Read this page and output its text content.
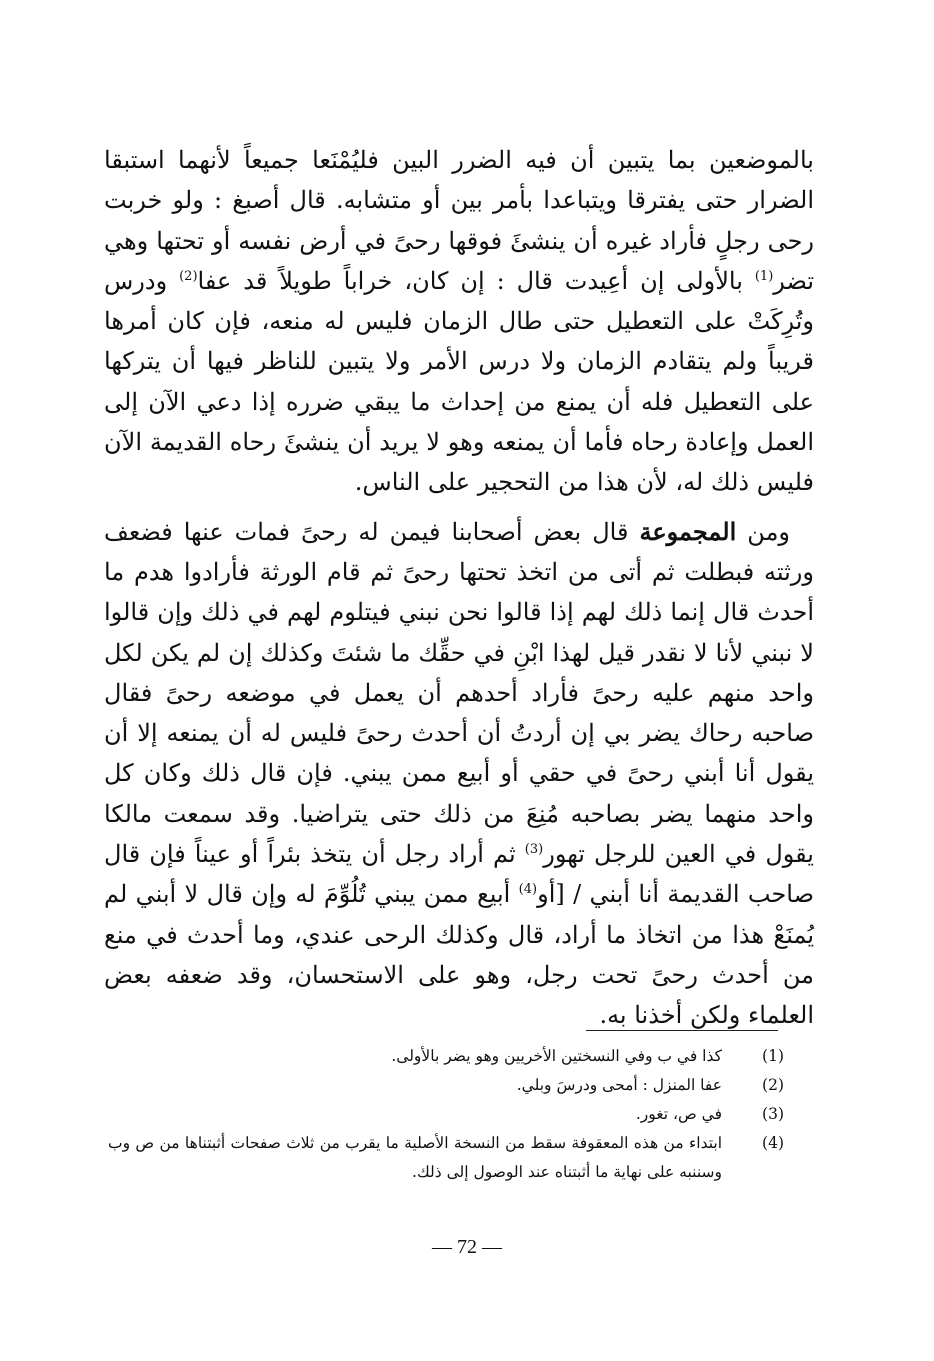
بالموضعين بما يتبين أن فيه الضرر البين فليُمْنَعا جميعاً لأنهما استبقا الضرار حتى يفترقا ويتباعدا بأمر بين أو متشابه. قال أصبغ : ولو خربت رحى رجلٍ فأراد غيره أن ينشئَ فوقها رحىً في أرض نفسه أو تحتها وهي تضر$^{(1)}$ بالأولى إن أعِيدت قال : إن كان، خراباً طويلاً قد عفا$^{(2)}$ ودرس وتُرِكَتْ على التعطيل حتى طال الزمان فليس له منعه، فإن كان أمرها قريباً ولم يتقادم الزمان ولا درس الأمر ولا يتبين للناظر فيها أن يتركها على التعطيل فله أن يمنع من إحداث ما يبقي ضرره إذا دعي الآن إلى العمل وإعادة رحاه فأما أن يمنعه وهو لا يريد أن ينشئَ رحاه القديمة الآن فليس ذلك له، لأن هذا من التحجير على الناس.

ومن المجموعة قال بعض أصحابنا فيمن له رحىً فمات عنها فضعف ورثته فبطلت ثم أتى من اتخذ تحتها رحىً ثم قام الورثة فأرادوا هدم ما أحدث قال إنما ذلك لهم إذا قالوا نحن نبني فيتلوم لهم في ذلك وإن قالوا لا نبني لأنا لا نقدر قيل لهذا ابْنِ في حقِّك ما شئتَ وكذلك إن لم يكن لكل واحد منهم عليه رحىً فأراد أحدهم أن يعمل في موضعه رحىً فقال صاحبه رحاك يضر بي إن أردتُ أن أحدث رحىً فليس له أن يمنعه إلا أن يقول أنا أبني رحىً في حقي أو أبيع ممن يبني. فإن قال ذلك وكان كل واحد منهما يضر بصاحبه مُنِعَ من ذلك حتى يتراضيا. وقد سمعت مالكا يقول في العين للرجل تهور$^{(3)}$ ثم أراد رجل أن يتخذ بئراً أو عيناً فإن قال صاحب القديمة أنا أبني / [أو$^{(4)}$ أبيع ممن يبني تُلُوِّمَ له وإن قال لا أبني لم يُمنَعْ هذا من اتخاذ ما أراد، قال وكذلك الرحى عندي، وما أحدث في منع من أحدث رحىً تحت رجل، وهو على الاستحسان، وقد ضعفه بعض العلماء ولكن أخذنا به.

(1)
كذا في ب وفي النسختين الأخريين وهو يضر بالأولى.
(2)
عفا المنزل : أمحى ودرسَ وبلي.
(3)
في ص، تغور.
(4)
ابتداء من هذه المعقوفة سقط من النسخة الأصلية ما يقرب من ثلاث صفحات أثبتناها من ص وب وسننبه على نهاية ما أثبتناه عند الوصول إلى ذلك.
— 72 —
